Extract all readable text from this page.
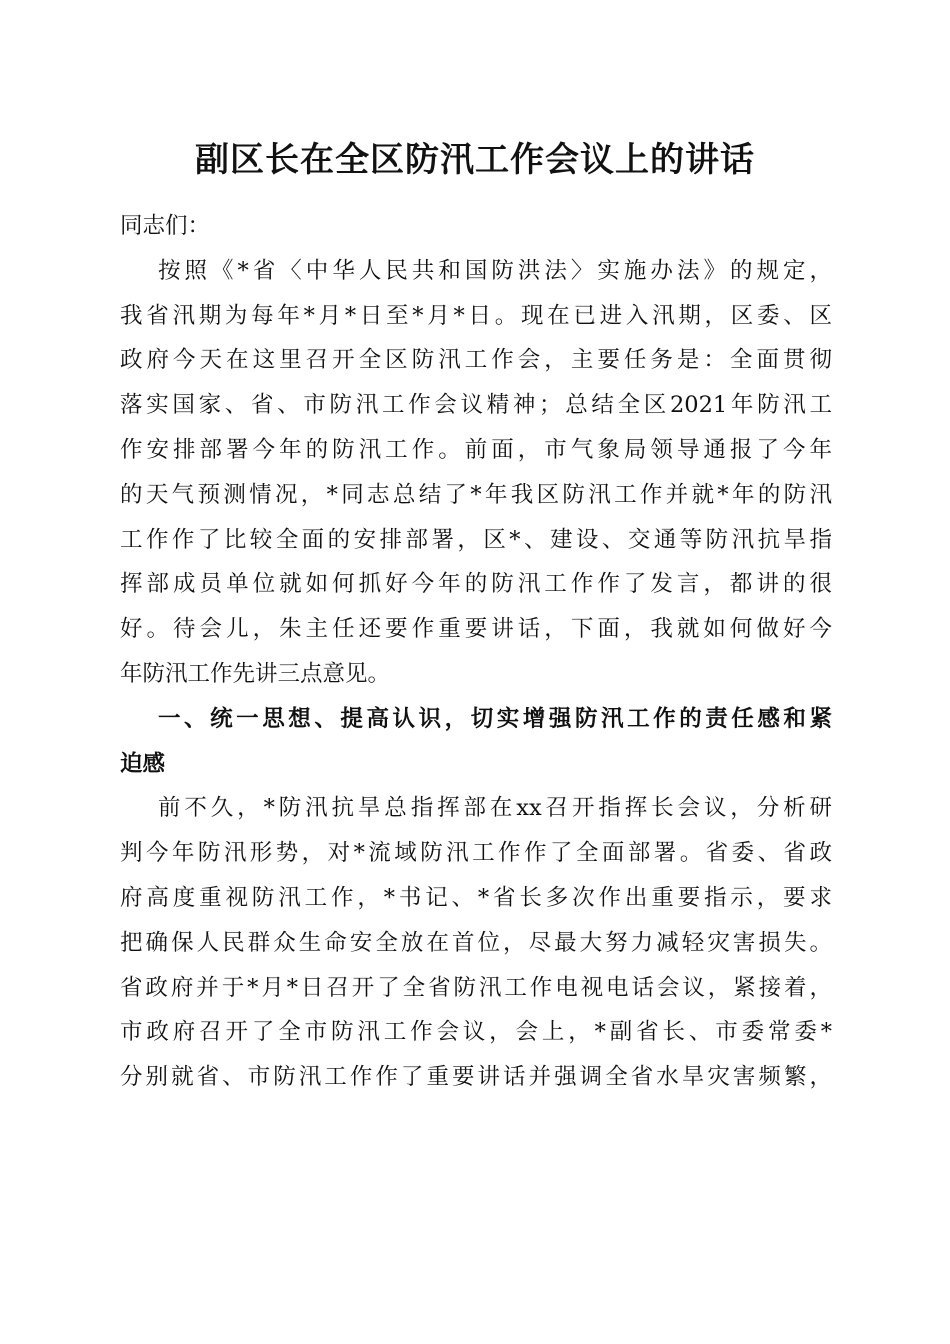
副区长在全区防汛工作会议上的讲话
同志们：
按照《*省〈中华人民共和国防洪法〉实施办法》的规定，
我省汛期为每年*月*日至*月*日。现在已进入汛期，区委、区
政府今天在这里召开全区防汛工作会，主要任务是：全面贯彻
落实国家、省、市防汛工作会议精神；总结全区2021年防汛工
作安排部署今年的防汛工作。前面，市气象局领导通报了今年
的天气预测情况，*同志总结了*年我区防汛工作并就*年的防汛
工作作了比较全面的安排部署，区*、建设、交通等防汛抗旱指
挥部成员单位就如何抓好今年的防汛工作作了发言，都讲的很
好。待会儿，朱主任还要作重要讲话，下面，我就如何做好今
年防汛工作先讲三点意见。
一、统一思想、提高认识，切实增强防汛工作的责任感和紧
迫感
前不久，*防汛抗旱总指挥部在xx召开指挥长会议，分析研
判今年防汛形势，对*流域防汛工作作了全面部署。省委、省政
府高度重视防汛工作，*书记、*省长多次作出重要指示，要求
把确保人民群众生命安全放在首位，尽最大努力减轻灾害损失。
省政府并于*月*日召开了全省防汛工作电视电话会议，紧接着，
市政府召开了全市防汛工作会议，会上，*副省长、市委常委*
分别就省、市防汛工作作了重要讲话并强调全省水旱灾害频繁，
